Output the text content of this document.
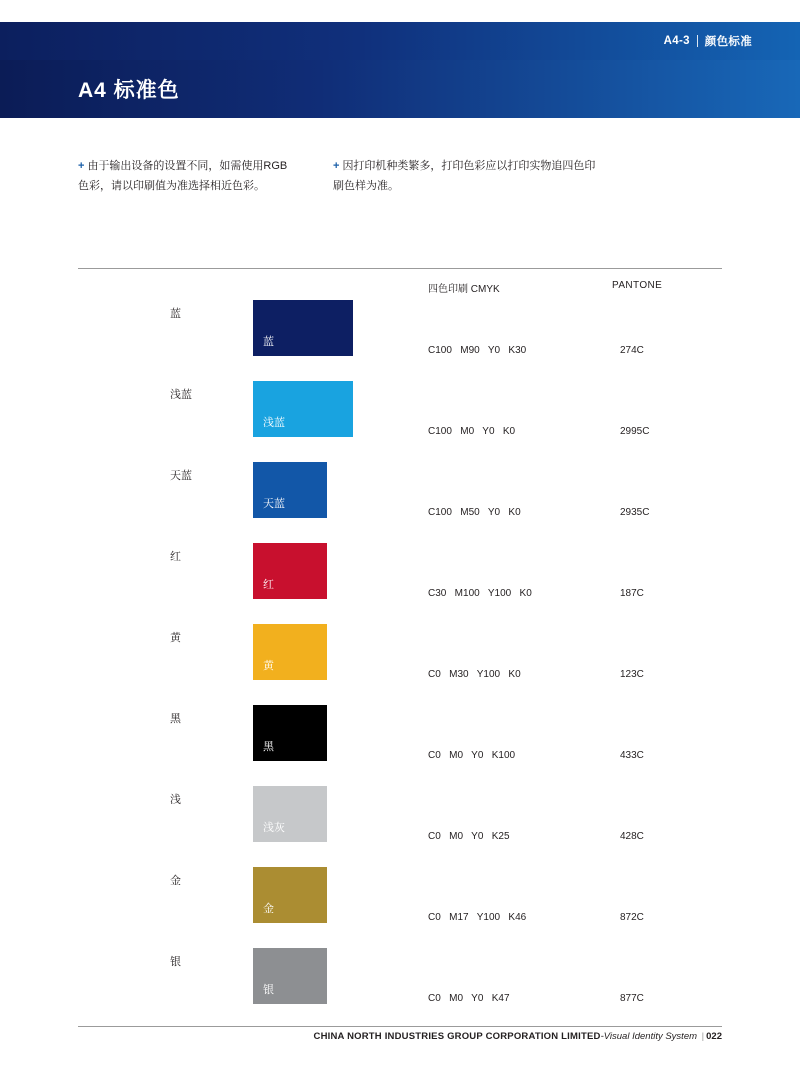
A4-3 颜色标准
A4 标准色
+ 由于输出设备的设置不同，如需使用RGB色彩，请以印刷值为准选择相近色彩。
+ 因打印机种类繁多，打印色彩应以打印实物追四色印刷色样为准。
四色印刷 CMYK	PANTONE
蓝
蓝
C100   M90   Y0   K30	274C
浅蓝
浅蓝
C100   M0   Y0   K0	2995C
天蓝
天蓝
C100   M50   Y0   K0	2935C
红
红
C30   M100   Y100   K0	187C
黄
黄
C0   M30   Y100   K0	123C
黑
黑
C0   M0   Y0   K100	433C
浅
浅灰
C0   M0   Y0   K25	428C
金
金
C0   M17   Y100   K46	872C
银
银
C0   M0   Y0   K47	877C
CHINA NORTH INDUSTRIES GROUP CORPORATION LIMITED-Visual Identity System | 022
